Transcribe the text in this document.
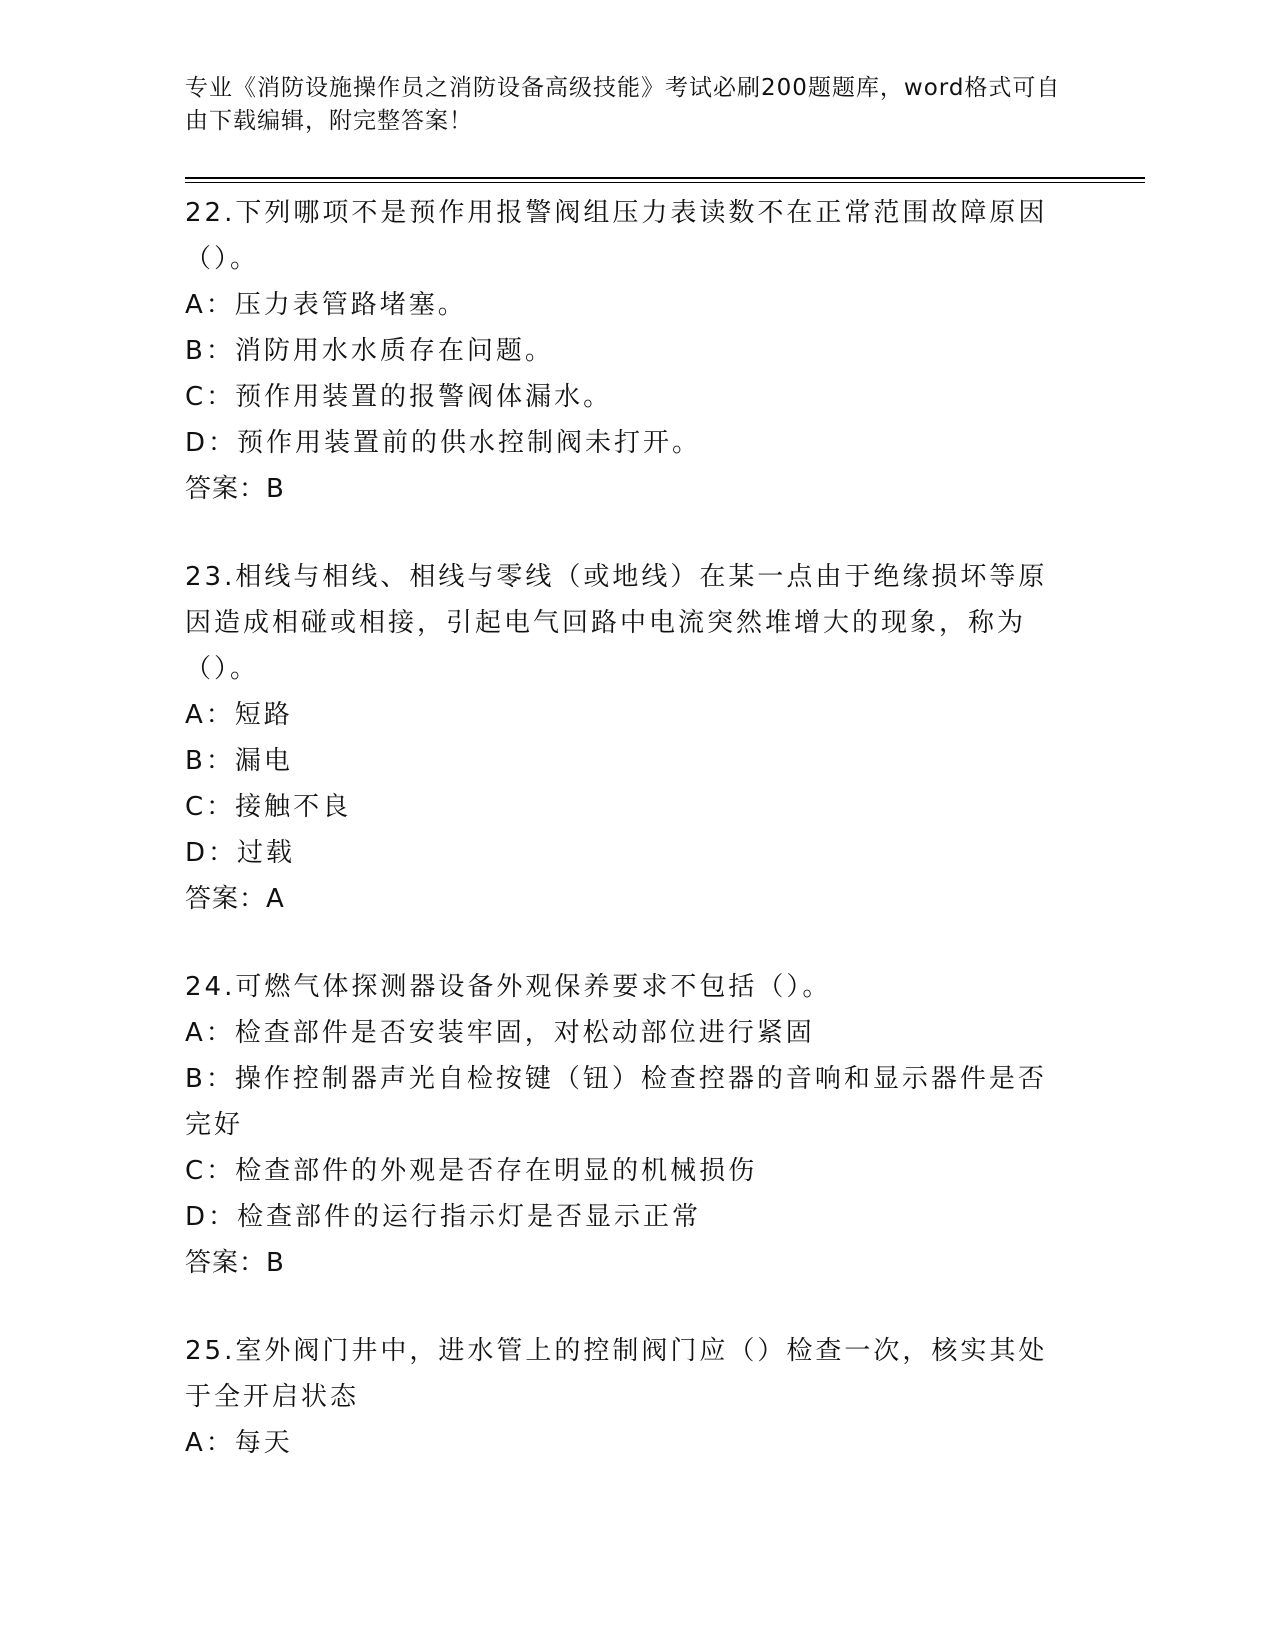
专业《消防设施操作员之消防设备高级技能》考试必刷200题题库，word格式可自由下载编辑，附完整答案！
22.下列哪项不是预作用报警阀组压力表读数不在正常范围故障原因（）。
A：压力表管路堵塞。
B：消防用水水质存在问题。
C：预作用装置的报警阀体漏水。
D：预作用装置前的供水控制阀未打开。
答案：B
23.相线与相线、相线与零线（或地线）在某一点由于绝缘损坏等原因造成相碰或相接，引起电气回路中电流突然堆增大的现象，称为（）。
A：短路
B：漏电
C：接触不良
D：过载
答案：A
24.可燃气体探测器设备外观保养要求不包括（）。
A：检查部件是否安装牢固，对松动部位进行紧固
B：操作控制器声光自检按键（钮）检查控器的音响和显示器件是否完好
C：检查部件的外观是否存在明显的机械损伤
D：检查部件的运行指示灯是否显示正常
答案：B
25.室外阀门井中，进水管上的控制阀门应（）检查一次，核实其处于全开启状态
A：每天
